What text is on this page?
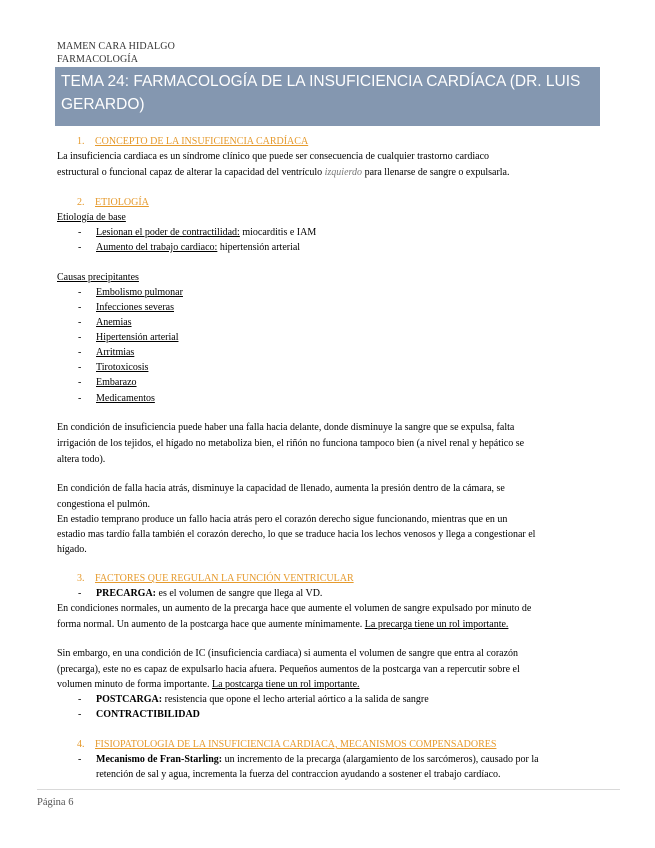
MAMEN CARA HIDALGO
FARMACOLOGÍA
TEMA 24: FARMACOLOGÍA DE LA INSUFICIENCIA CARDÍACA (DR. LUIS GERARDO)
1. CONCEPTO DE LA INSUFICIENCIA CARDÍACA
La insuficiencia cardiaca es un síndrome clínico que puede ser consecuencia de cualquier trastorno cardiaco
estructural o funcional capaz de alterar la capacidad del ventrículo izquierdo para llenarse de sangre o expulsarla.
2. ETIOLOGÍA
Etiología de base
- Lesionan el poder de contractilidad: miocarditis e IAM
- Aumento del trabajo cardiaco: hipertensión arterial
Causas precipitantes
- Embolismo pulmonar
- Infecciones severas
- Anemias
- Hipertensión arterial
- Arritmias
- Tirotoxicosis
- Embarazo
- Medicamentos
En condición de insuficiencia puede haber una falla hacia delante, donde disminuye la sangre que se expulsa, falta
irrigación de los tejidos, el hígado no metaboliza bien, el riñón no funciona tampoco bien (a nivel renal y hepático se
altera todo).
En condición de falla hacia atrás, disminuye la capacidad de llenado, aumenta la presión dentro de la cámara, se
congestiona el pulmón.
En estadio temprano produce un fallo hacia atrás pero el corazón derecho sigue funcionando, mientras que en un
estadio mas tardío falla también el corazón derecho, lo que se traduce hacia los lechos venosos y llega a congestionar el
hígado.
3. FACTORES QUE REGULAN LA FUNCIÓN VENTRICULAR
- PRECARGA: es el volumen de sangre que llega al VD.
En condiciones normales, un aumento de la precarga hace que aumente el volumen de sangre expulsado por minuto de
forma normal. Un aumento de la postcarga hace que aumente mínimamente. La precarga tiene un rol importante.
Sin embargo, en una condición de IC (insuficiencia cardiaca) si aumenta el volumen de sangre que entra al corazón
(precarga), este no es capaz de expulsarlo hacia afuera. Pequeños aumentos de la postcarga van a repercutir sobre el
volumen minuto de forma importante. La postcarga tiene un rol importante.
- POSTCARGA: resistencia que opone el lecho arterial aórtico a la salida de sangre
- CONTRACTIBILIDAD
4. FISIOPATOLOGIA DE LA INSUFICIENCIA CARDIACA, MECANISMOS COMPENSADORES
- Mecanismo de Fran-Starling: un incremento de la precarga (alargamiento de los sarcómeros), causado por la
retención de sal y agua, incrementa la fuerza del contraccion ayudando a sostener el trabajo cardíaco.
Página 6
